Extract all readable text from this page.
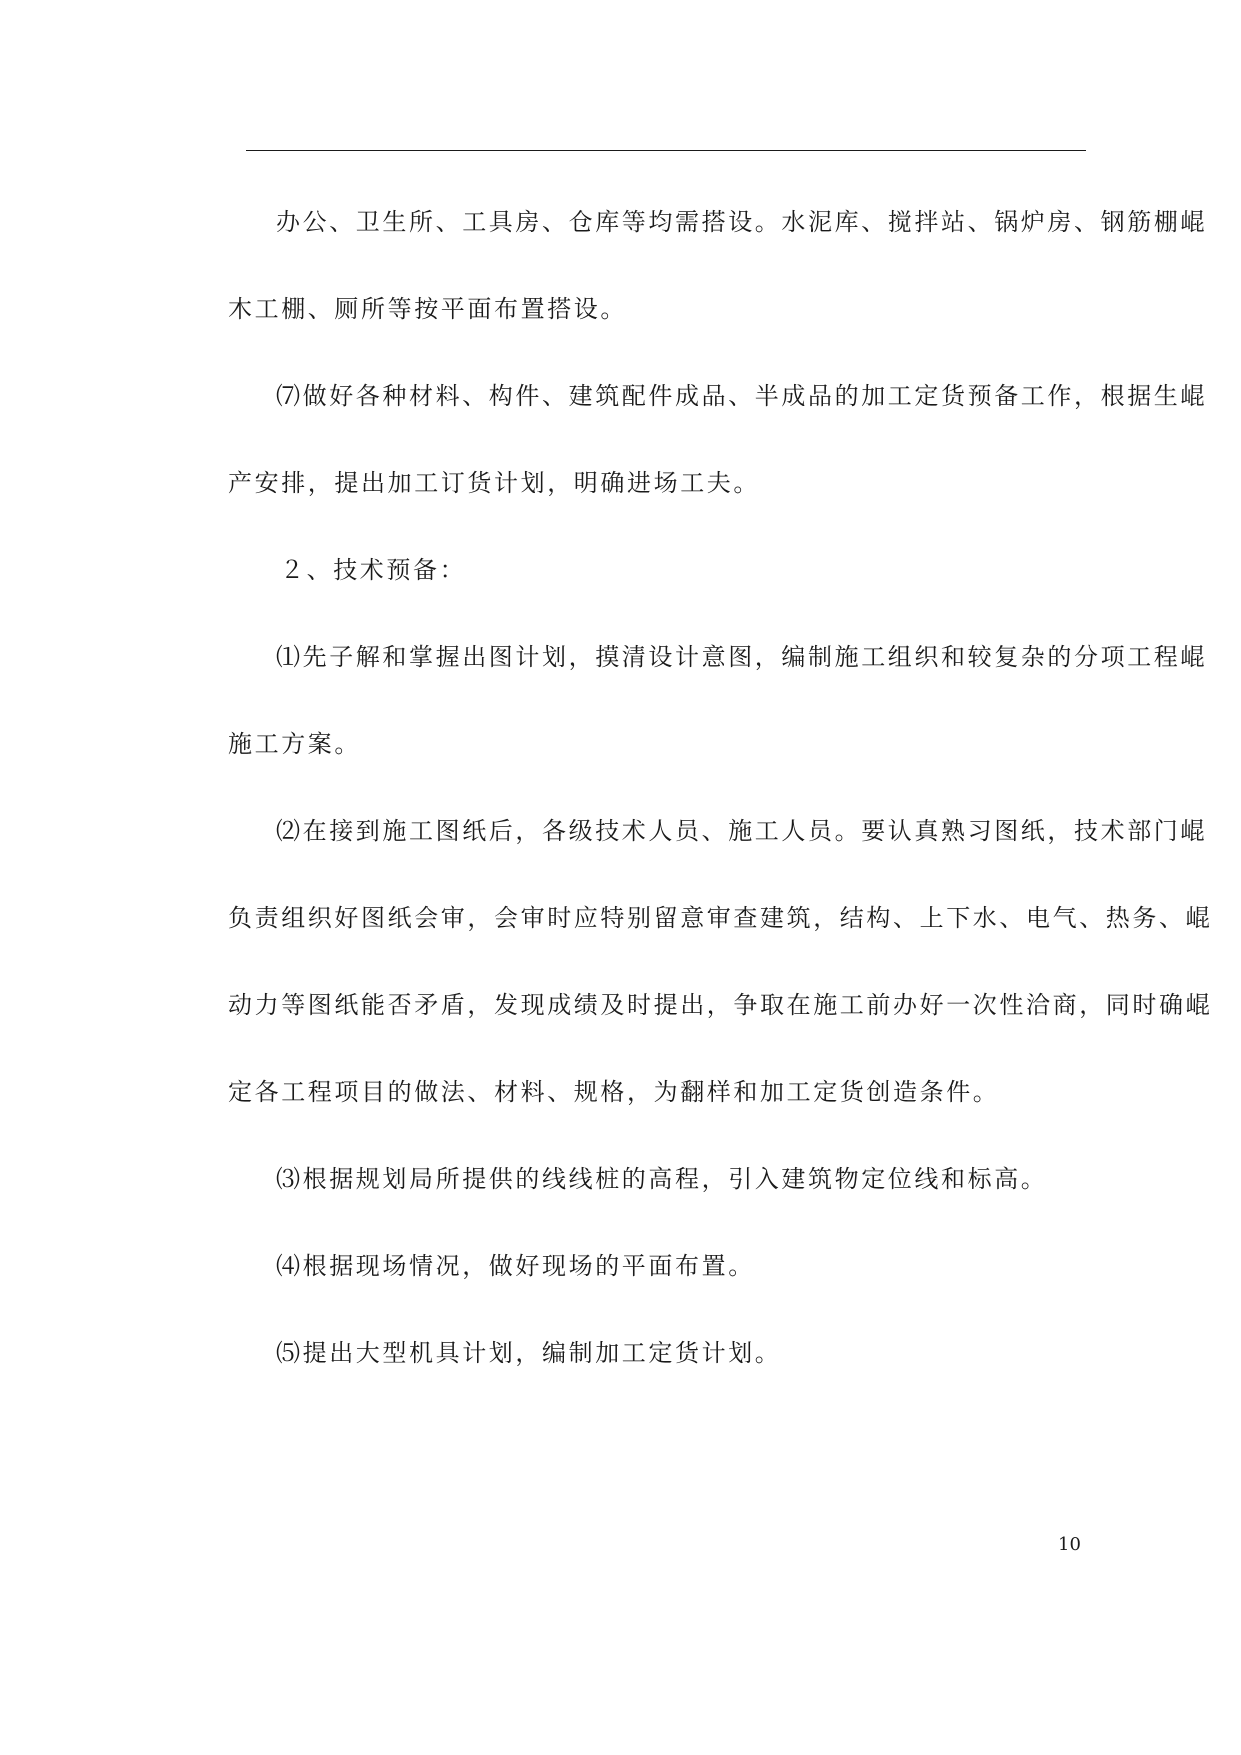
办公、卫生所、工具房、仓库等均需搭设。水泥库、搅拌站、锅炉房、钢筋棚崐
木工棚、厕所等按平面布置搭设。
⑺做好各种材料、构件、建筑配件成品、半成品的加工定货预备工作，根据生崐
产安排，提出加工订货计划，明确进场工夫。
２、技术预备：
⑴先子解和掌握出图计划，摸清设计意图，编制施工组织和较复杂的分项工程崐
施工方案。
⑵在接到施工图纸后，各级技术人员、施工人员。要认真熟习图纸，技术部门崐
负责组织好图纸会审，会审时应特别留意审查建筑，结构、上下水、电气、热务、崐
动力等图纸能否矛盾，发现成绩及时提出，争取在施工前办好一次性洽商，同时确崐
定各工程项目的做法、材料、规格，为翻样和加工定货创造条件。
⑶根据规划局所提供的线线桩的高程，引入建筑物定位线和标高。
⑷根据现场情况，做好现场的平面布置。
⑸提出大型机具计划，编制加工定货计划。
10
